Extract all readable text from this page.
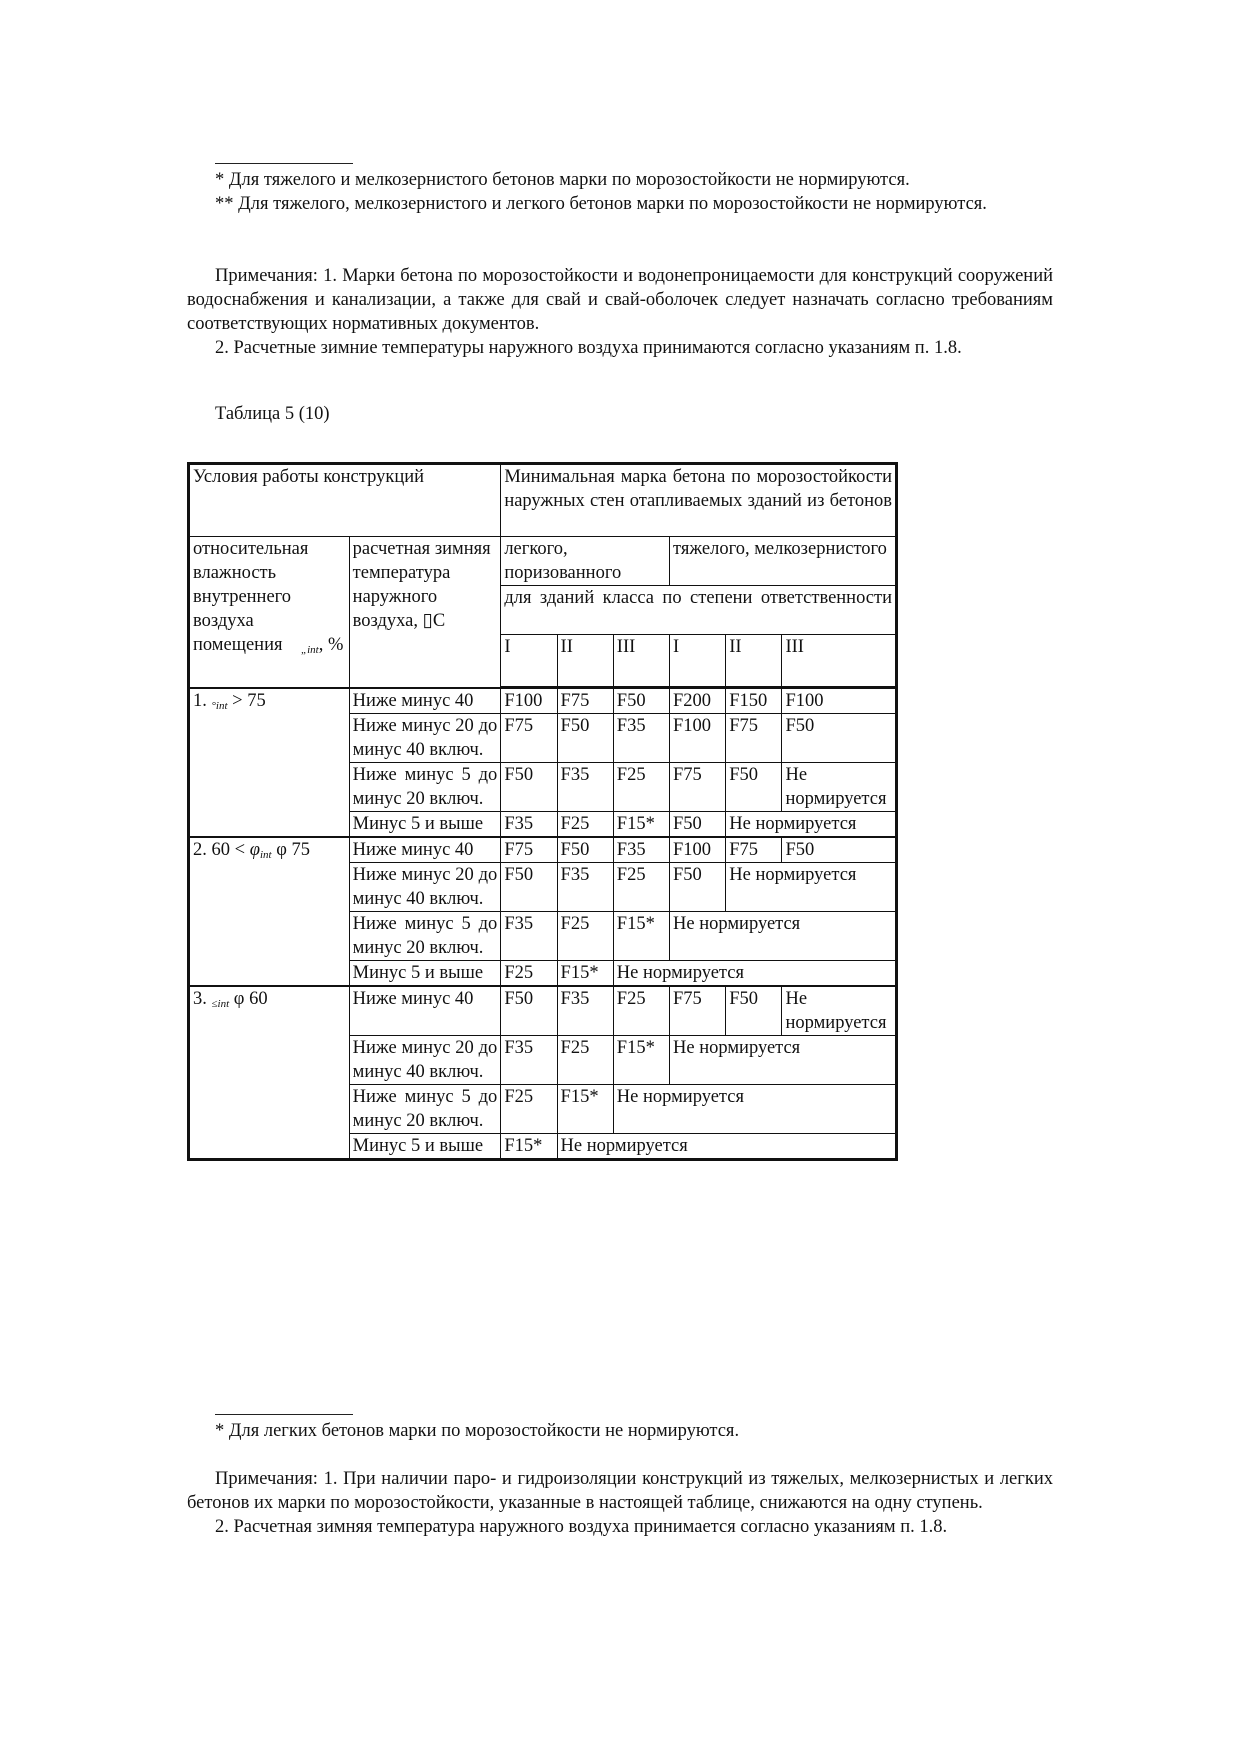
* Для тяжелого и мелкозернистого бетонов марки по морозостойкости не нормируются.

** Для тяжелого, мелкозернистого и легкого бетонов марки по морозостойкости не нормируются.

Примечания: 1. Марки бетона по морозостойкости и водонепроницаемости для конструкций сооружений водоснабжения и канализации, а также для свай и свай-оболочек следует назначать согласно требованиям соответствующих нормативных документов.

2. Расчетные зимние температуры наружного воздуха принимаются согласно указаниям п. 1.8.

Таблица 5 (10)

Условия работы конструкций		Минимальная марка бетона по морозостойкости наружных стен отапливаемых зданий из бетонов					
относительная влажность внутреннего воздуха помещения $_{„int}$, %	расчетная зимняя температура наружного воздуха, ▯C	легкого, поризованного			тяжелого, мелкозернистого		
		для зданий класса по степени ответственности					
		I	II	III	I	II	III
1. $_{^\circ int}$ > 75	Ниже минус 40	F100	F75	F50	F200	F150	F100
	Ниже минус 20 до минус 40 включ.	F75	F50	F35	F100	F75	F50
	Ниже минус 5 до минус 20 включ.	F50	F35	F25	F75	F50	Не нормируется
	Минус 5 и выше	F35	F25	F15*	F50	Не нормируется	
2. $60 < \varphi_{int}$ φ 75	Ниже минус 40	F75	F50	F35	F100	F75	F50
	Ниже минус 20 до минус 40 включ.	F50	F35	F25	F50	Не нормируется	
	Ниже минус 5 до минус 20 включ.	F35	F25	F15*	Не нормируется		
	Минус 5 и выше	F25	F15*	Не нормируется			
3. $_{\le int}$ φ 60	Ниже минус 40	F50	F35	F25	F75	F50	Не нормируется
	Ниже минус 20 до минус 40 включ.	F35	F25	F15*	Не нормируется		
	Ниже минус 5 до минус 20 включ.	F25	F15*	Не нормируется			
	Минус 5 и выше	F15*	Не нормируется				

* Для легких бетонов марки по морозостойкости не нормируются.

Примечания: 1. При наличии паро- и гидроизоляции конструкций из тяжелых, мелкозернистых и легких бетонов их марки по морозостойкости, указанные в настоящей таблице, снижаются на одну ступень.

2. Расчетная зимняя температура наружного воздуха принимается согласно указаниям п. 1.8.
